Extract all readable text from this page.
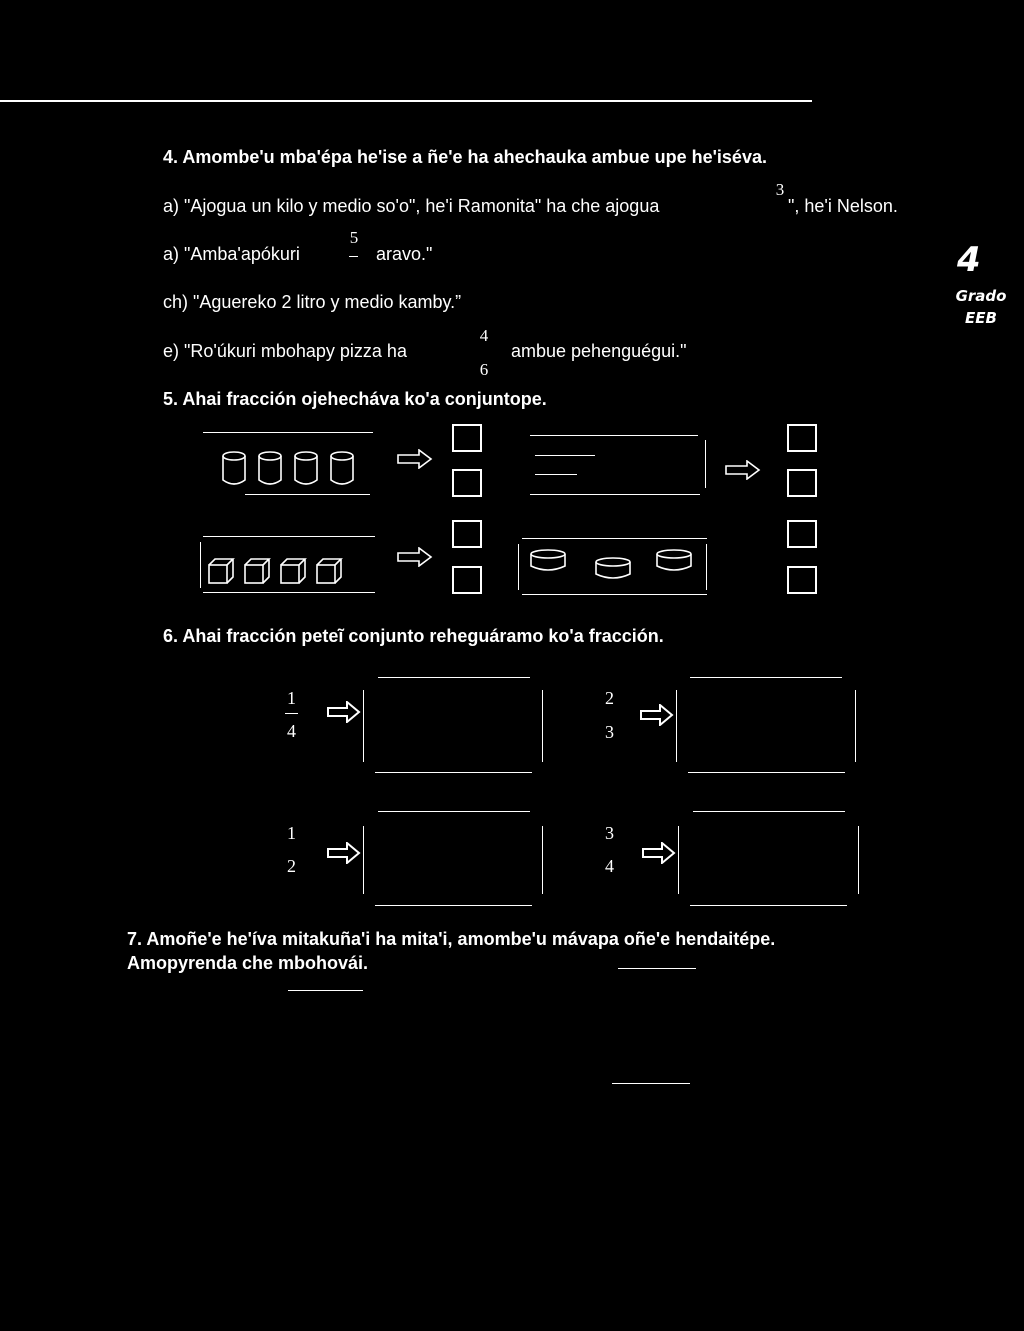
4. Amombe'u mba'épa he'ise a ñe'e ha ahechauka ambue upe he'iséva.
a) "Ajogua un kilo y medio so'o", he'i Ramonita" ha che ajogua
3
", he'i Nelson.
a) "Amba'apókuri
5
aravo."
ch) "Aguereko 2 litro y medio kamby.”
e) "Ro'úkuri mbohapy pizza ha
4
6
ambue pehenguégui."
4
Grado
EEB
5. Ahai fracción ojehecháva ko'a conjuntope.
6. Ahai fracción peteĩ conjunto reheguáramo ko'a fracción.
1
4
2
3
1
2
3
4
7. Amoñe'e he'íva mitakuña'i ha mita'i, amombe'u mávapa oñe'e hendaitépe.
Amopyrenda che mbohovái.
